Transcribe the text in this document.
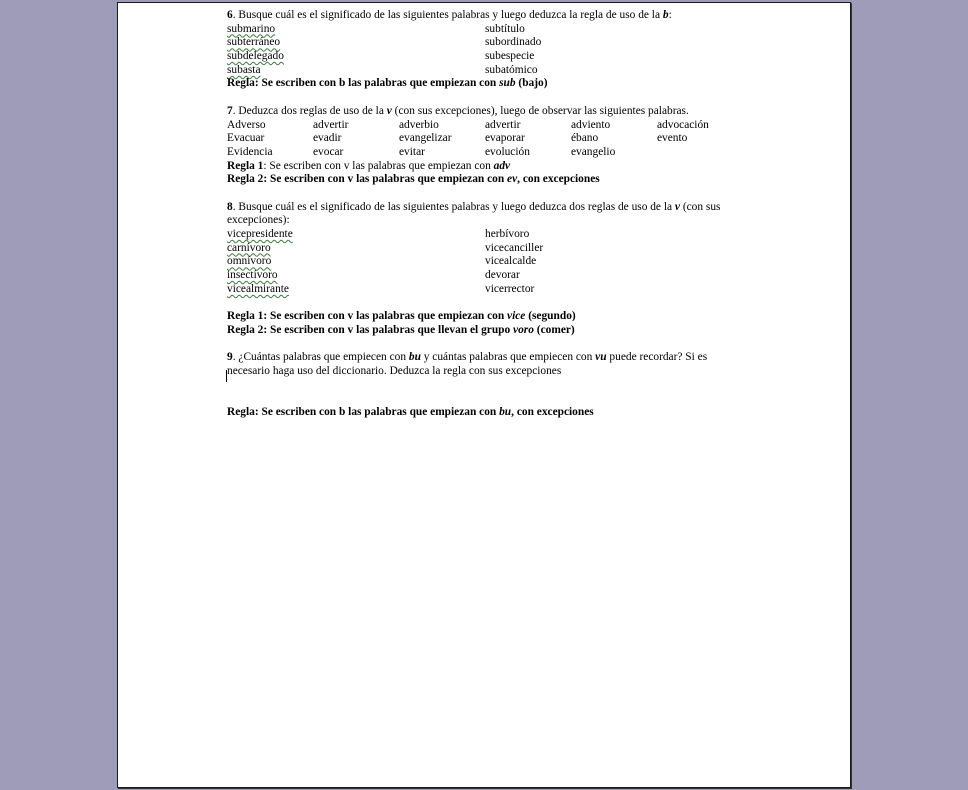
6. Busque cuál es el significado de las siguientes palabras y luego deduzca la regla de uso de la b:
submarino	subtítulo
subterráneo	subordinado
subdelegado	subespecie
subasta	subatómico
Regla: Se escriben con b las palabras que empiezan con sub (bajo)
7. Deduzca dos reglas de uso de la v (con sus excepciones), luego de observar las siguientes palabras.
Adverso	advertir	adverbio	advertir	adviento	advocación
Evacuar	evadir	evangelizar	evaporar	ébano	evento
Evidencia	evocar	evitar	evolución	evangelio
Regla 1: Se escriben con v las palabras que empiezan con adv
Regla 2: Se escriben con v las palabras que empiezan con ev, con excepciones
8. Busque cuál es el significado de las siguientes palabras y luego deduzca dos reglas de uso de la v (con sus excepciones):
vicepresidente	herbívoro
carnívoro	vicecanciller
omnívoro	vicealcalde
insectívoro	devorar
vicealmirante	vicerrector
Regla 1: Se escriben con v las palabras que empiezan con vice (segundo)
Regla 2: Se escriben con v las palabras que llevan el grupo voro (comer)
9. ¿Cuántas palabras que empiecen con bu y cuántas palabras que empiecen con vu puede recordar? Si es necesario haga uso del diccionario. Deduzca la regla con sus excepciones
Regla: Se escriben con b las palabras que empiezan con bu, con excepciones
